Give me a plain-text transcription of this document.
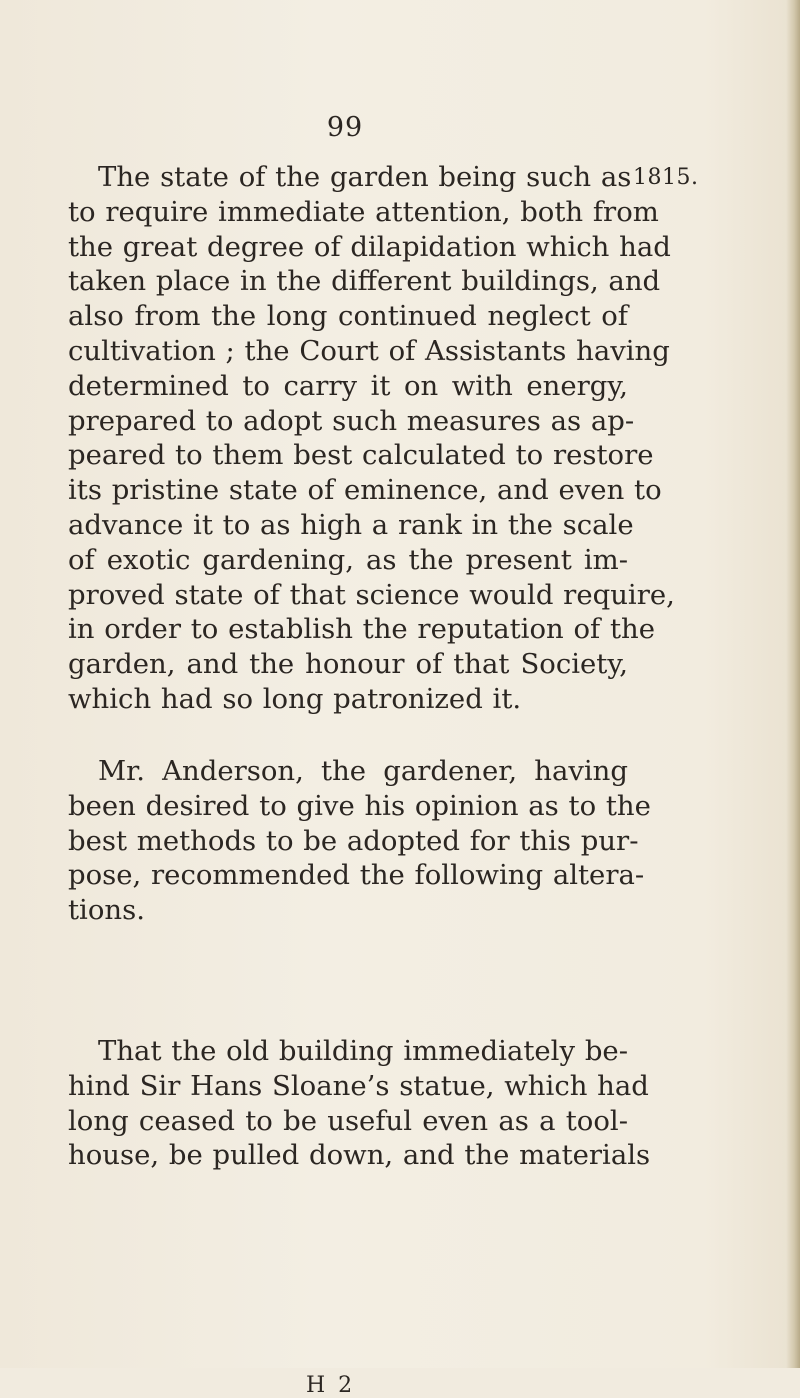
99
1815.
The state of the garden being such as
to require immediate attention, both from
the great degree of dilapidation which had
taken place in the different buildings, and
also from the long continued neglect of
cultivation ; the Court of Assistants having
determined to carry it on with energy,
prepared to adopt such measures as ap-
peared to them best calculated to restore
its pristine state of eminence, and even to
advance it to as high a rank in the scale
of exotic gardening, as the present im-
proved state of that science would require,
in order to establish the reputation of the
garden, and the honour of that Society,
which had so long patronized it.
Mr. Anderson, the gardener, having
been desired to give his opinion as to the
best methods to be adopted for this pur-
pose, recommended the following altera-
tions.
That the old building immediately be-
hind Sir Hans Sloane’s statue, which had
long ceased to be useful even as a tool-
house, be pulled down, and the materials
H 2
